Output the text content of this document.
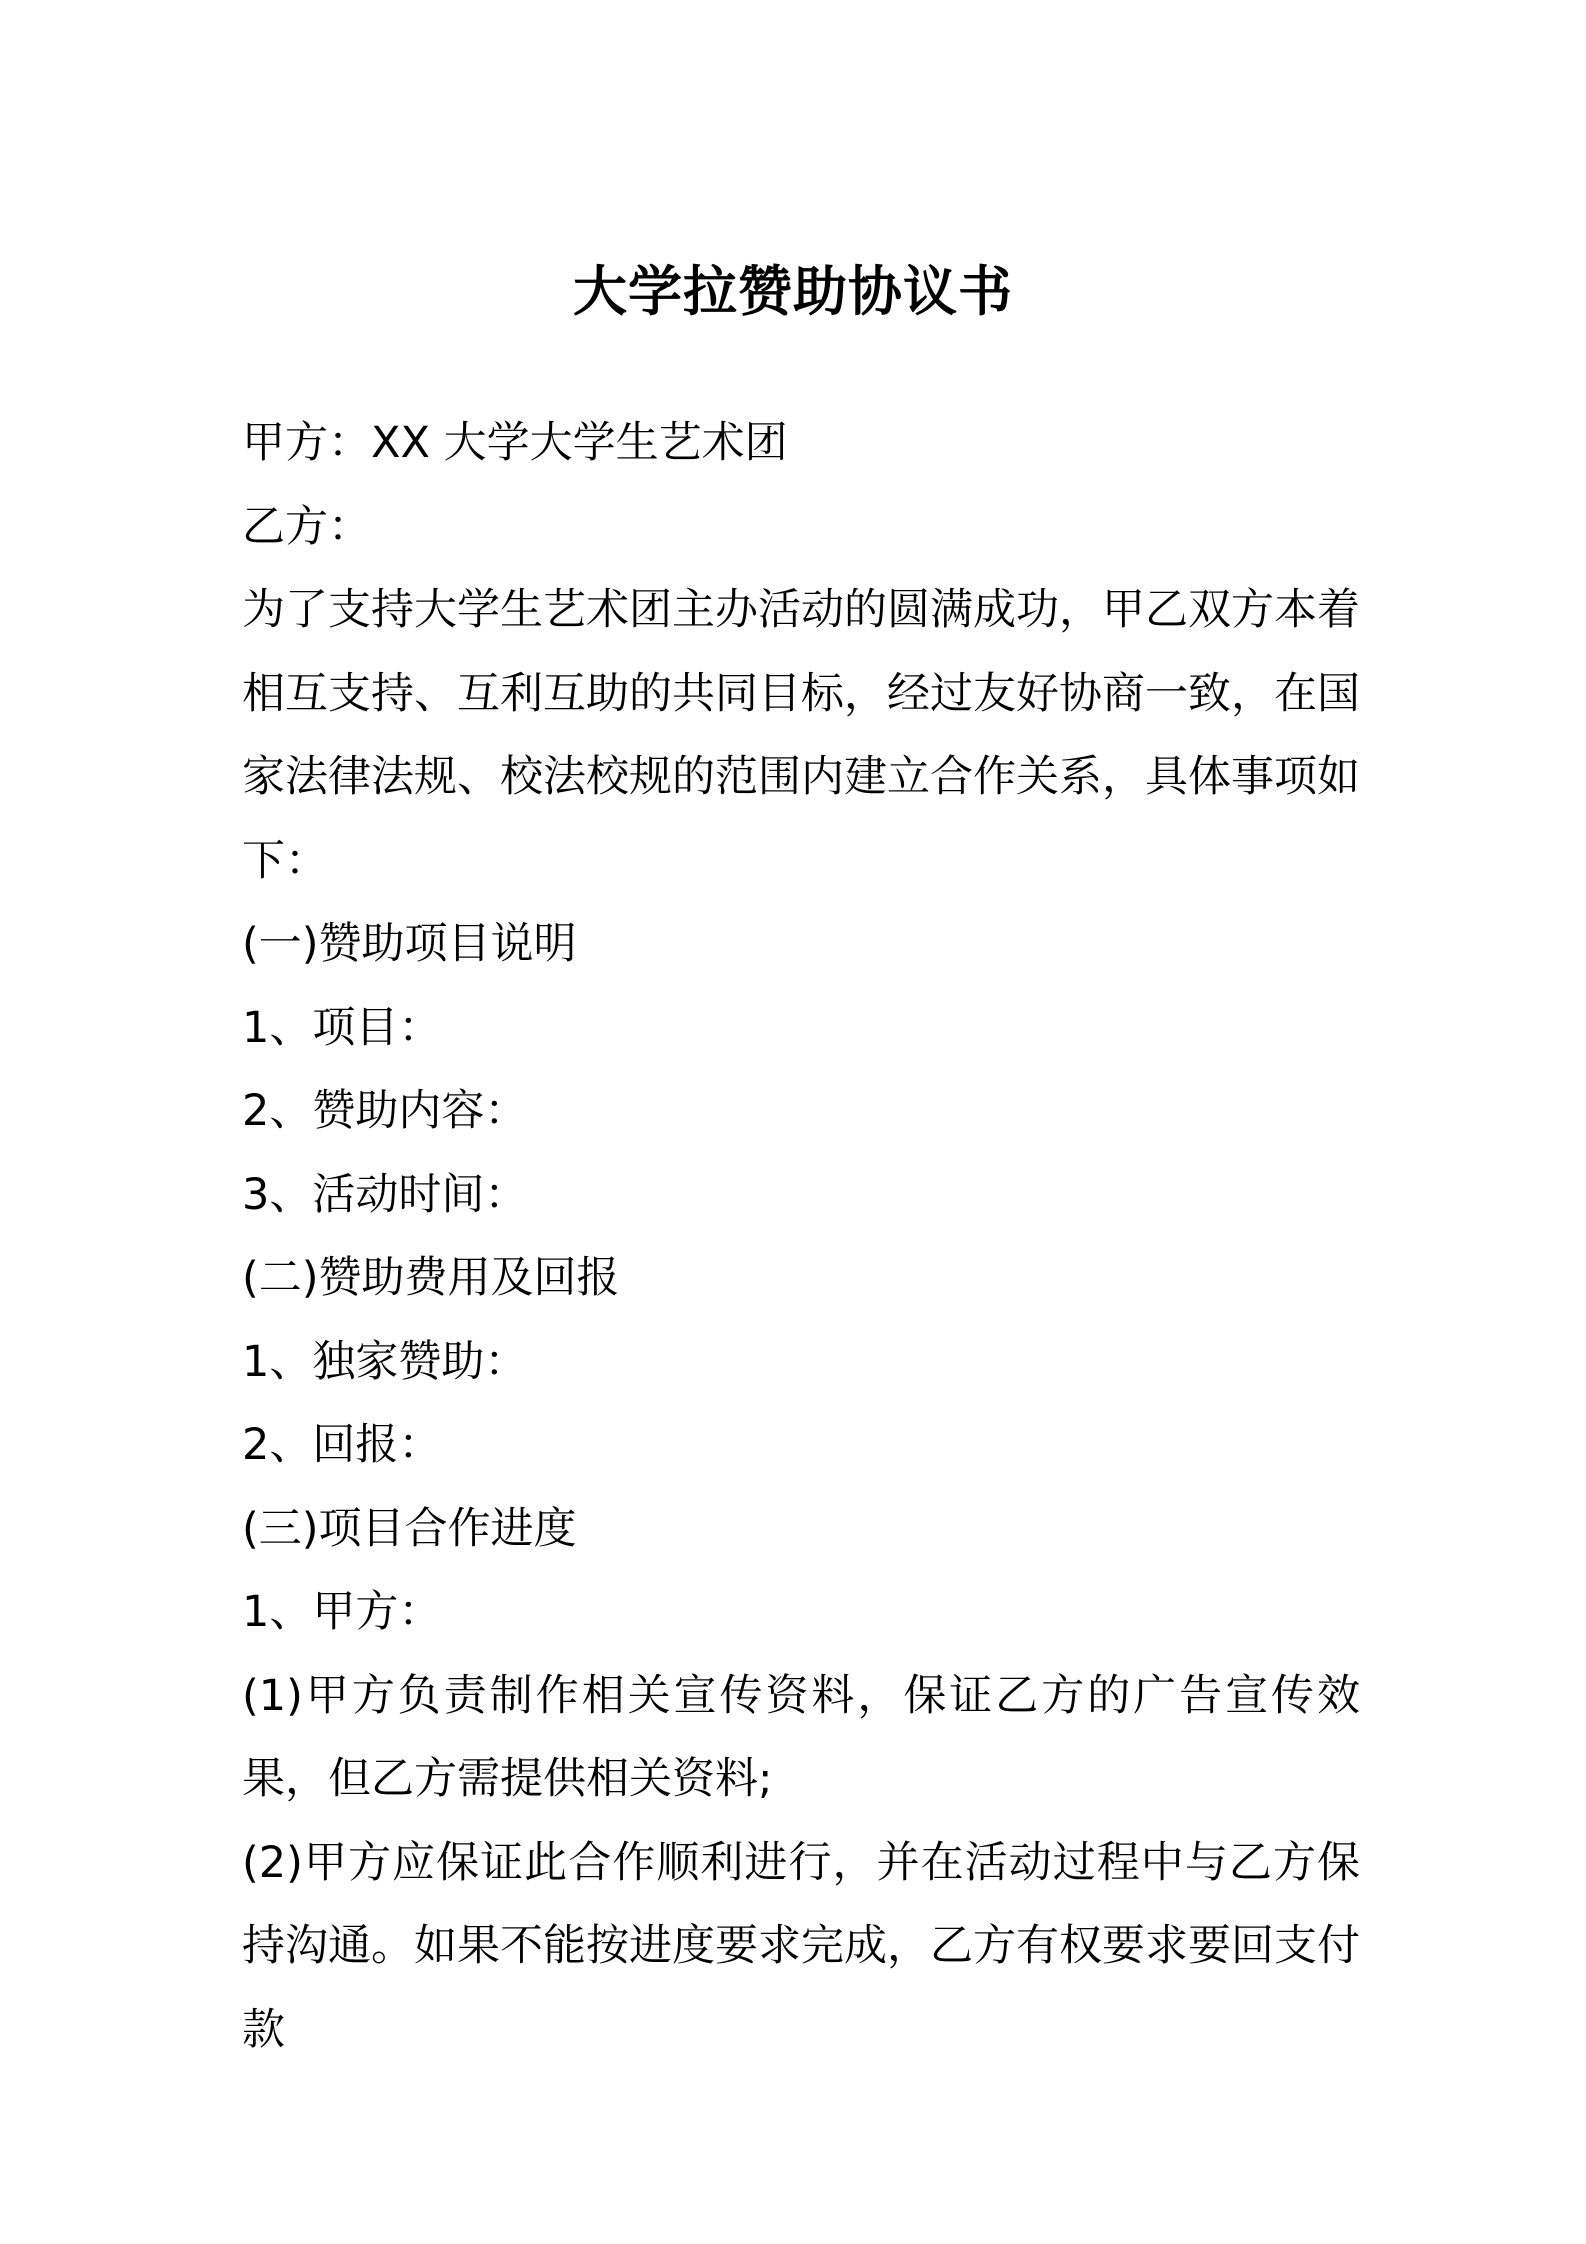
大学拉赞助协议书
甲方：XX 大学大学生艺术团
乙方：
为了支持大学生艺术团主办活动的圆满成功，甲乙双方本着相互支持、互利互助的共同目标，经过友好协商一致，在国家法律法规、校法校规的范围内建立合作关系，具体事项如下：
(一)赞助项目说明
1、项目：
2、赞助内容：
3、活动时间：
(二)赞助费用及回报
1、独家赞助：
2、回报：
(三)项目合作进度
1、甲方：
(1)甲方负责制作相关宣传资料，保证乙方的广告宣传效果，但乙方需提供相关资料;
(2)甲方应保证此合作顺利进行，并在活动过程中与乙方保持沟通。如果不能按进度要求完成，乙方有权要求要回支付款
